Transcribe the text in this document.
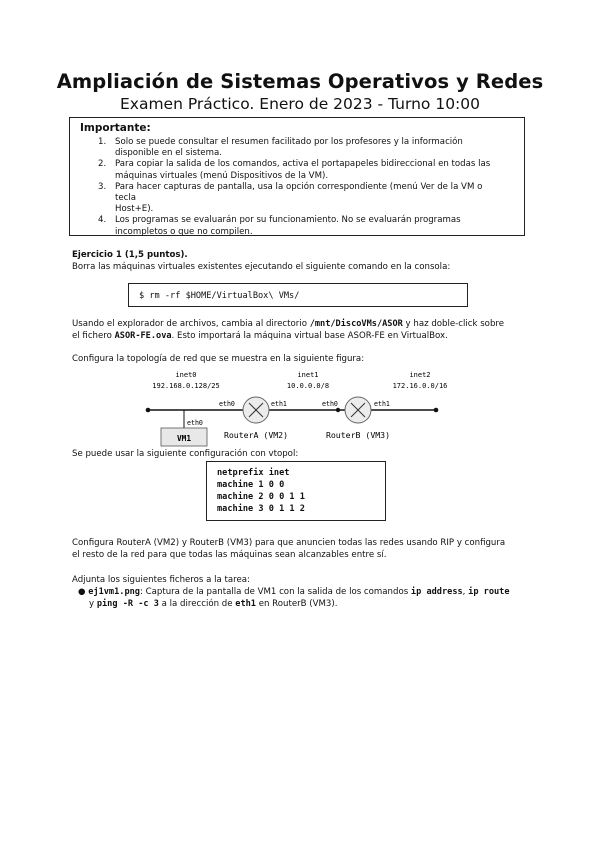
Ampliación de Sistemas Operativos y Redes
Examen Práctico. Enero de 2023 - Turno 10:00
Importante:
1. Solo se puede consultar el resumen facilitado por los profesores y la información
disponible en el sistema.
2. Para copiar la salida de los comandos, activa el portapapeles bidireccional en todas las
máquinas virtuales (menú Dispositivos de la VM).
3. Para hacer capturas de pantalla, usa la opción correspondiente (menú Ver de la VM o tecla
Host+E).
4. Los programas se evaluarán por su funcionamiento. No se evaluarán programas
incompletos o que no compilen.
Ejercicio 1 (1,5 puntos).
Borra las máquinas virtuales existentes ejecutando el siguiente comando en la consola:
$ rm -rf $HOME/VirtualBox\ VMs/
Usando el explorador de archivos, cambia al directorio /mnt/DiscoVMs/ASOR y haz doble-click sobre
el fichero ASOR-FE.ova. Esto importará la máquina virtual base ASOR-FE en VirtualBox.
Configura la topología de red que se muestra en la siguiente figura:
inet0
192.168.0.128/25
inet1
10.0.0.0/8
inet2
172.16.0.0/16
eth0
VM1
eth0	eth1
RouterA (VM2)
eth0	eth1
RouterB (VM3)
Se puede usar la siguiente configuración con vtopol:
netprefix inet
machine 1 0 0
machine 2 0 0 1 1
machine 3 0 1 1 2
Configura RouterA (VM2) y RouterB (VM3) para que anuncien todas las redes usando RIP y configura
el resto de la red para que todas las máquinas sean alcanzables entre sí.
Adjunta los siguientes ficheros a la tarea:
● ej1vm1.png: Captura de la pantalla de VM1 con la salida de los comandos ip address, ip route
y ping -R -c 3 a la dirección de eth1 en RouterB (VM3).
